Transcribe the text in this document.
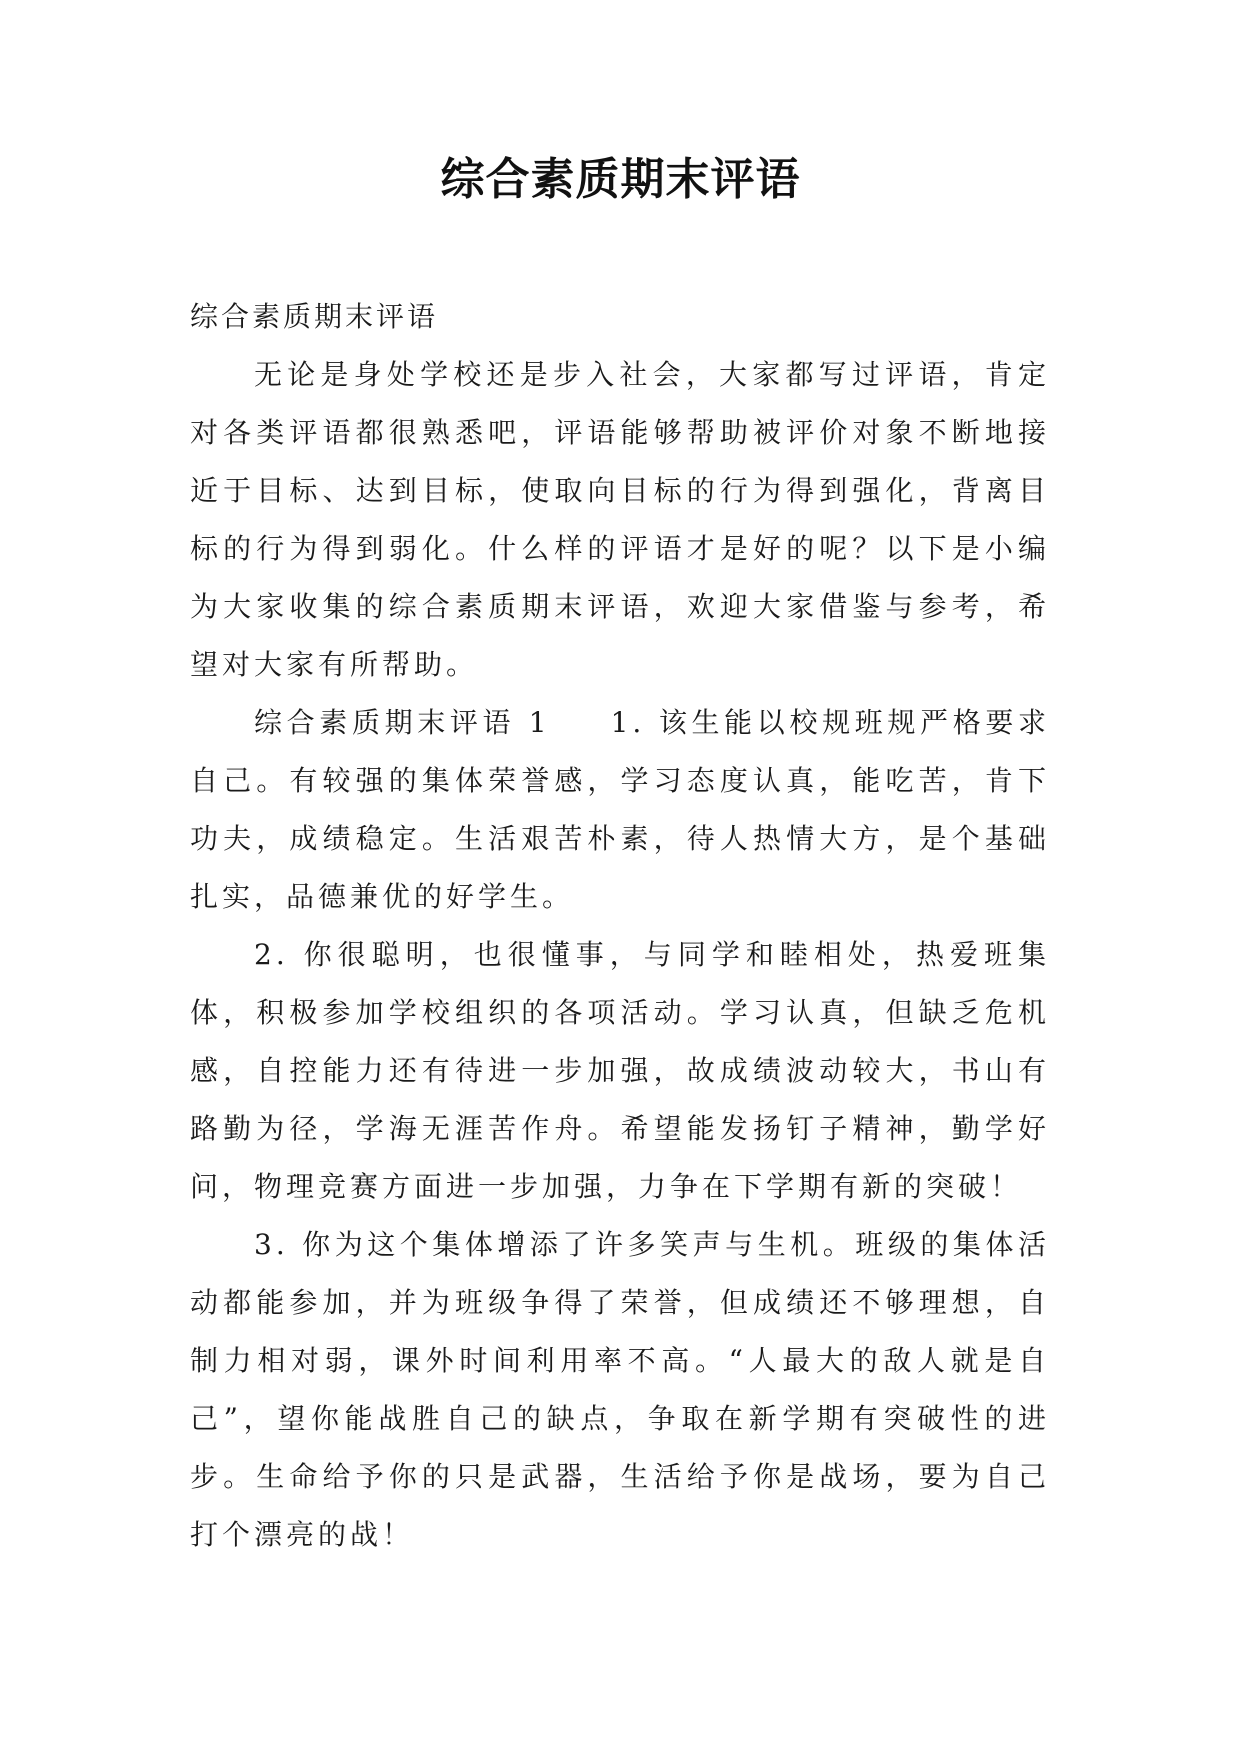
综合素质期末评语

综合素质期末评语

无论是身处学校还是步入社会，大家都写过评语，肯定对各类评语都很熟悉吧，评语能够帮助被评价对象不断地接近于目标、达到目标，使取向目标的行为得到强化，背离目标的行为得到弱化。什么样的评语才是好的呢？以下是小编为大家收集的综合素质期末评语，欢迎大家借鉴与参考，希望对大家有所帮助。

综合素质期末评语 1 1. 该生能以校规班规严格要求自己。有较强的集体荣誉感，学习态度认真，能吃苦，肯下功夫，成绩稳定。生活艰苦朴素，待人热情大方，是个基础扎实，品德兼优的好学生。

2. 你很聪明，也很懂事，与同学和睦相处，热爱班集体，积极参加学校组织的各项活动。学习认真，但缺乏危机感，自控能力还有待进一步加强，故成绩波动较大，书山有路勤为径，学海无涯苦作舟。希望能发扬钉子精神，勤学好问，物理竞赛方面进一步加强，力争在下学期有新的突破！

3. 你为这个集体增添了许多笑声与生机。班级的集体活动都能参加，并为班级争得了荣誉，但成绩还不够理想，自制力相对弱，课外时间利用率不高。“人最大的敌人就是自己”，望你能战胜自己的缺点，争取在新学期有突破性的进步。生命给予你的只是武器，生活给予你是战场，要为自己打个漂亮的战！
